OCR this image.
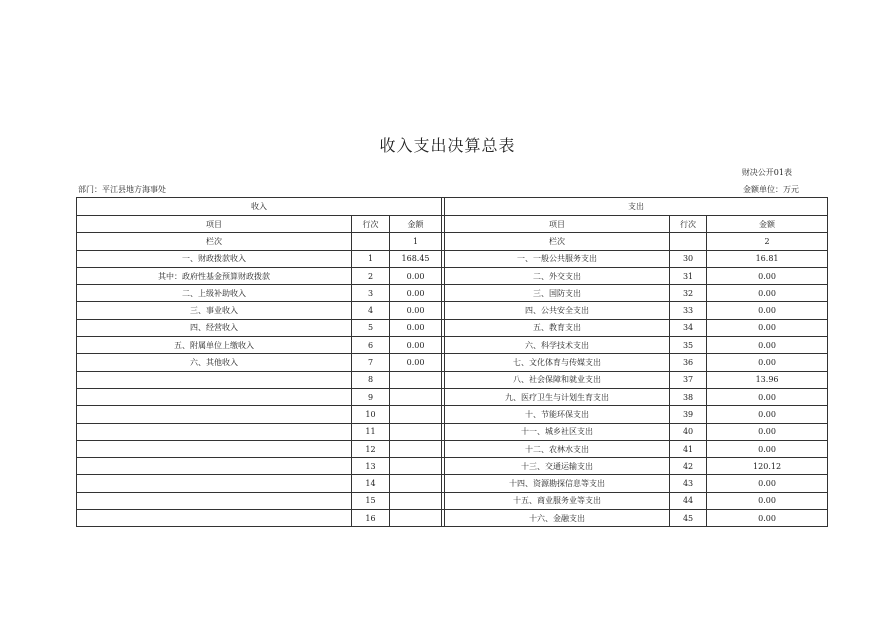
收入支出决算总表
财决公开01表
部门：平江县地方海事处	金额单位：万元
收入				支出		
项目	行次	金额		项目	行次	金额
栏次		1		栏次		2
一、财政拨款收入	1	168.45		一、一般公共服务支出	30	16.81
其中：政府性基金预算财政拨款	2	0.00		二、外交支出	31	0.00
二、上级补助收入	3	0.00		三、国防支出	32	0.00
三、事业收入	4	0.00		四、公共安全支出	33	0.00
四、经营收入	5	0.00		五、教育支出	34	0.00
五、附属单位上缴收入	6	0.00		六、科学技术支出	35	0.00
六、其他收入	7	0.00		七、文化体育与传媒支出	36	0.00
	8			八、社会保障和就业支出	37	13.96
	9			九、医疗卫生与计划生育支出	38	0.00
	10			十、节能环保支出	39	0.00
	11			十一、城乡社区支出	40	0.00
	12			十二、农林水支出	41	0.00
	13			十三、交通运输支出	42	120.12
	14			十四、资源勘探信息等支出	43	0.00
	15			十五、商业服务业等支出	44	0.00
	16			十六、金融支出	45	0.00
